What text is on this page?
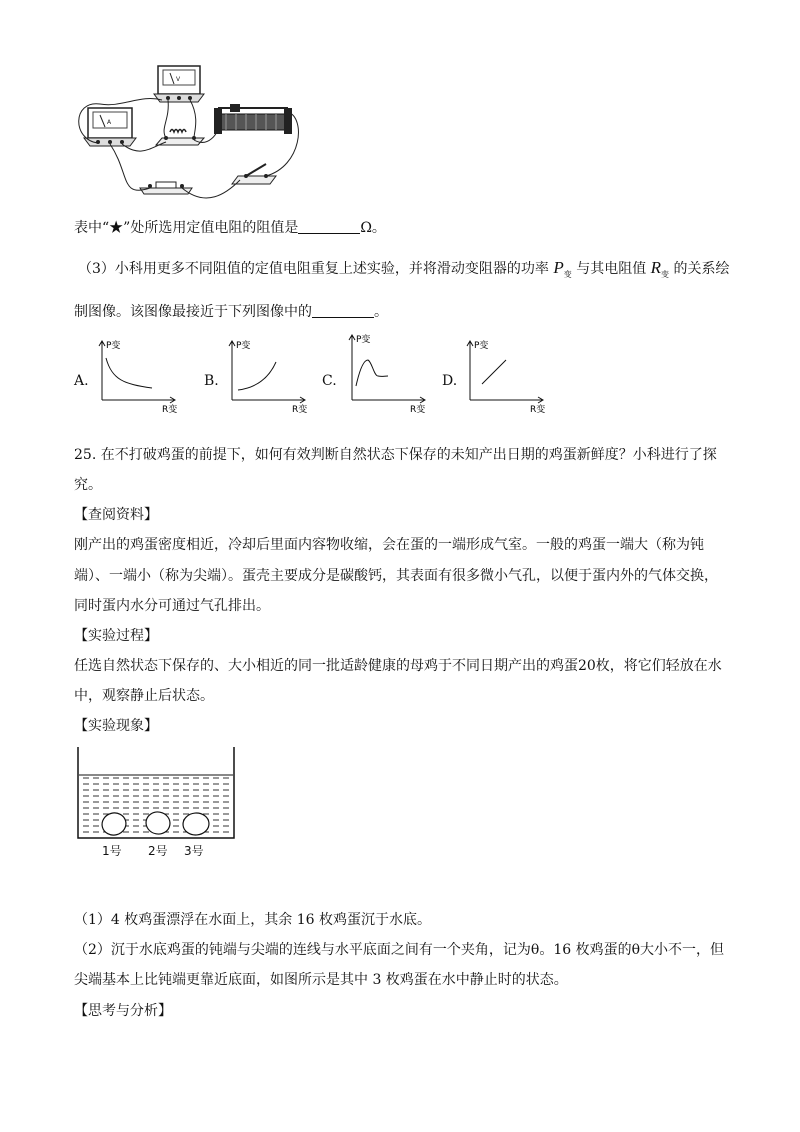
A
V
表中“★”处所选用定值电阻的阻值是	Ω。
（3）小科用更多不同阻值的定值电阻重复上述实验，并将滑动变阻器的功率 $P_变$ 与其电阻值 $R_变$ 的关系绘
制图像。该图像最接近于下列图像中的	。
A.
P变
R变
B.
P变
R变
C.
P变
R变
D.
P变
R变
25. 在不打破鸡蛋的前提下，如何有效判断自然状态下保存的未知产出日期的鸡蛋新鲜度？小科进行了探
究。
【查阅资料】
刚产出的鸡蛋密度相近，冷却后里面内容物收缩，会在蛋的一端形成气室。一般的鸡蛋一端大（称为钝
端）、一端小（称为尖端）。蛋壳主要成分是碳酸钙，其表面有很多微小气孔，以便于蛋内外的气体交换，
同时蛋内水分可通过气孔排出。
【实验过程】
任选自然状态下保存的、大小相近的同一批适龄健康的母鸡于不同日期产出的鸡蛋20枚，将它们轻放在水
中，观察静止后状态。
【实验现象】
1号 2号 3号
（1）4 枚鸡蛋漂浮在水面上，其余 16 枚鸡蛋沉于水底。
（2）沉于水底鸡蛋的钝端与尖端的连线与水平底面之间有一个夹角，记为θ。16 枚鸡蛋的θ大小不一，但
尖端基本上比钝端更靠近底面，如图所示是其中 3 枚鸡蛋在水中静止时的状态。
【思考与分析】
